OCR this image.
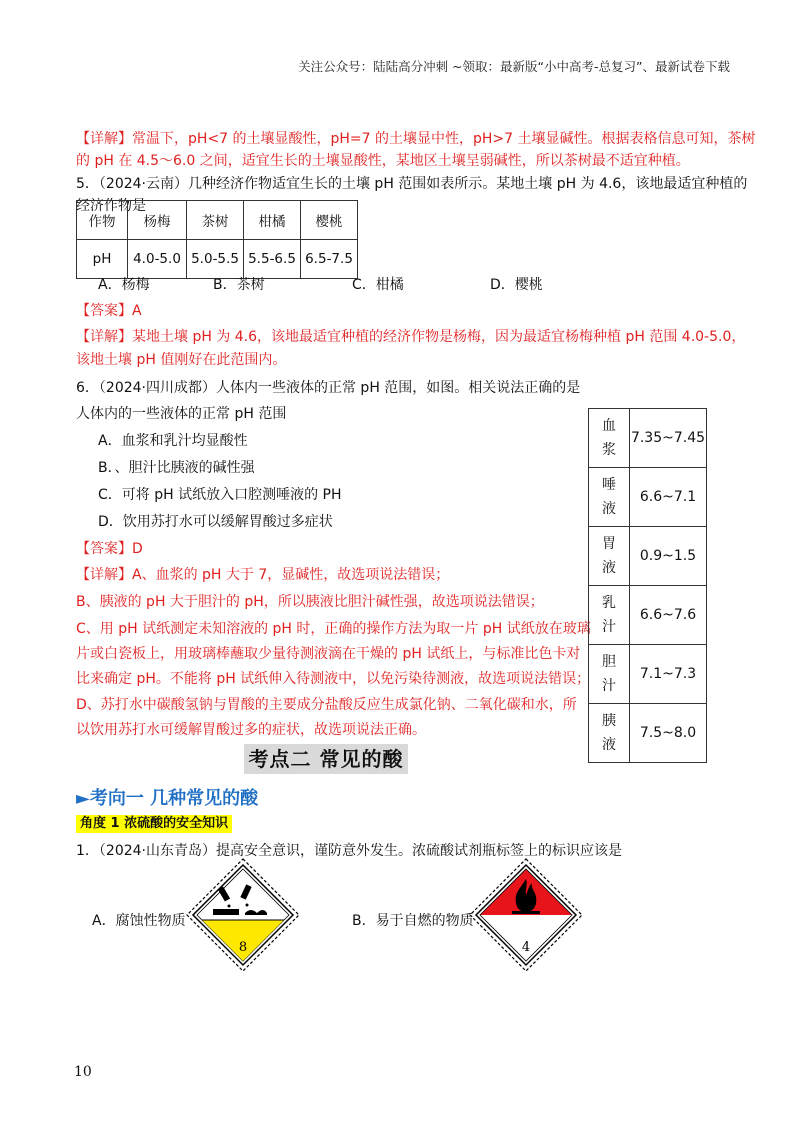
关注公众号：陆陆高分冲刺 ~领取：最新版“小中高考-总复习”、最新试卷下载
【详解】常温下，pH<7 的土壤显酸性，pH=7 的土壤显中性，pH>7 土壤显碱性。根据表格信息可知，茶树
的 pH 在 4.5～6.0 之间，适宜生长的土壤显酸性，某地区土壤呈弱碱性，所以茶树最不适宜种植。
5．（2024·云南）几种经济作物适宜生长的土壤 pH 范围如表所示。某地土壤 pH 为 4.6，该地最适宜种植的
经济作物是
作物	杨梅	茶树	柑橘	樱桃
pH	4.0-5.0	5.0-5.5	5.5-6.5	6.5-7.5
A．杨梅	B．茶树	C．柑橘	D．樱桃
【答案】A
【详解】某地土壤 pH 为 4.6，该地最适宜种植的经济作物是杨梅，因为最适宜杨梅种植 pH 范围 4.0-5.0，
该地土壤 pH 值刚好在此范围内。
6．（2024·四川成都）人体内一些液体的正常 pH 范围，如图。相关说法正确的是
人体内的一些液体的正常 pH 范围
A．血浆和乳汁均显酸性
B．、胆汁比胰液的碱性强
C．可将 pH 试纸放入口腔测唾液的 PH
D．饮用苏打水可以缓解胃酸过多症状
【答案】D
【详解】A、血浆的 pH 大于 7，显碱性，故选项说法错误；
B、胰液的 pH 大于胆汁的 pH，所以胰液比胆汁碱性强，故选项说法错误；
C、用 pH 试纸测定未知溶液的 pH 时，正确的操作方法为取一片 pH 试纸放在玻璃
片或白瓷板上，用玻璃棒蘸取少量待测液滴在干燥的 pH 试纸上，与标准比色卡对
比来确定 pH。不能将 pH 试纸伸入待测液中，以免污染待测液，故选项说法错误；
D、苏打水中碳酸氢钠与胃酸的主要成分盐酸反应生成氯化钠、二氧化碳和水，所
以饮用苏打水可缓解胃酸过多的症状，故选项说法正确。
血
浆	7.35~7.45
唾
液	6.6~7.1
胃
液	0.9~1.5
乳
汁	6.6~7.6
胆
汁	7.1~7.3
胰
液	7.5~8.0
考点二 常见的酸
►考向一 几种常见的酸
角度 1 浓硫酸的安全知识
1．（2024·山东青岛）提高安全意识，谨防意外发生。浓硫酸试剂瓶标签上的标识应该是
A．腐蚀性物质	B．易于自燃的物质
8	4
10
